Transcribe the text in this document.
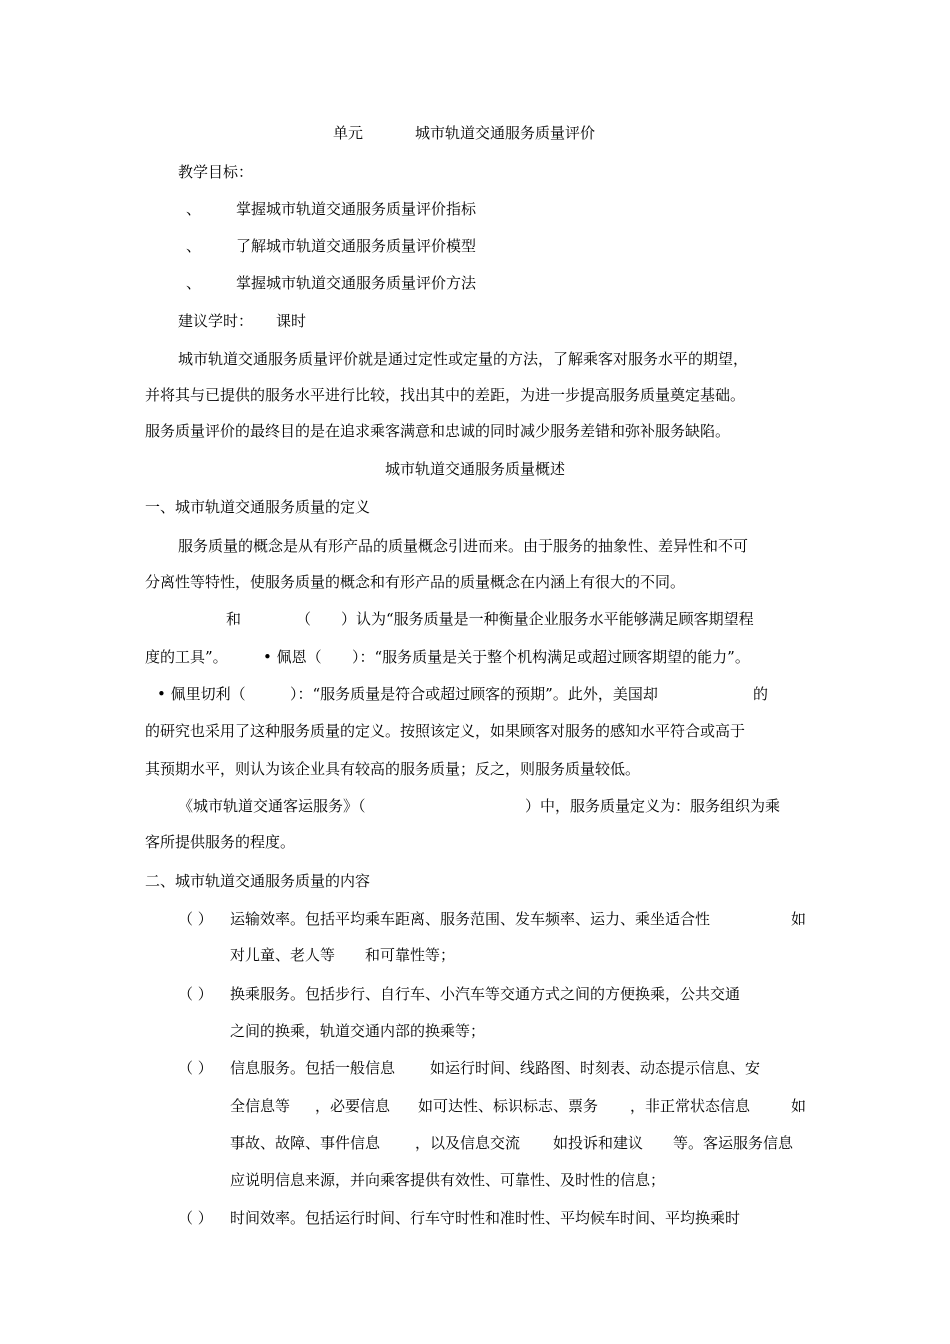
单元	城市轨道交通服务质量评价
教学目标：
、 掌握城市轨道交通服务质量评价指标
、 了解城市轨道交通服务质量评价模型
、 掌握城市轨道交通服务质量评价方法
建议学时： 课时
城市轨道交通服务质量评价就是通过定性或定量的方法，了解乘客对服务水平的期望，
并将其与已提供的服务水平进行比较，找出其中的差距，为进一步提高服务质量奠定基础。
服务质量评价的最终目的是在追求乘客满意和忠诚的同时减少服务差错和弥补服务缺陷。
城市轨道交通服务质量概述
一、城市轨道交通服务质量的定义
服务质量的概念是从有形产品的质量概念引进而来。由于服务的抽象性、差异性和不可
分离性等特性，使服务质量的概念和有形产品的质量概念在内涵上有很大的不同。
和	（ ）认为“服务质量是一种衡量企业服务水平能够满足顾客期望程
度的工具”。 • 佩恩（ ）：“服务质量是关于整个机构满足或超过顾客期望的能力”。
• 佩里切利（	）：“服务质量是符合或超过顾客的预期”。此外，美国却	的
的研究也采用了这种服务质量的定义。按照该定义，如果顾客对服务的感知水平符合或高于
其预期水平，则认为该企业具有较高的服务质量；反之，则服务质量较低。
《城市轨道交通客运服务》（	）中，服务质量定义为：服务组织为乘
客所提供服务的程度。
二、城市轨道交通服务质量的内容
（ ） 运输效率。包括平均乘车距离、服务范围、发车频率、运力、乘坐适合性	如
对儿童、老人等 和可靠性等；
（ ） 换乘服务。包括步行、自行车、小汽车等交通方式之间的方便换乘，公共交通
之间的换乘，轨道交通内部的换乘等；
（ ） 信息服务。包括一般信息 如运行时间、线路图、时刻表、动态提示信息、安
全信息等 ，必要信息 如可达性、标识标志、票务 ，非正常状态信息	如
事故、故障、事件信息 ，以及信息交流 如投诉和建议 等。客运服务信息
应说明信息来源，并向乘客提供有效性、可靠性、及时性的信息；
（ ） 时间效率。包括运行时间、行车守时性和准时性、平均候车时间、平均换乘时
